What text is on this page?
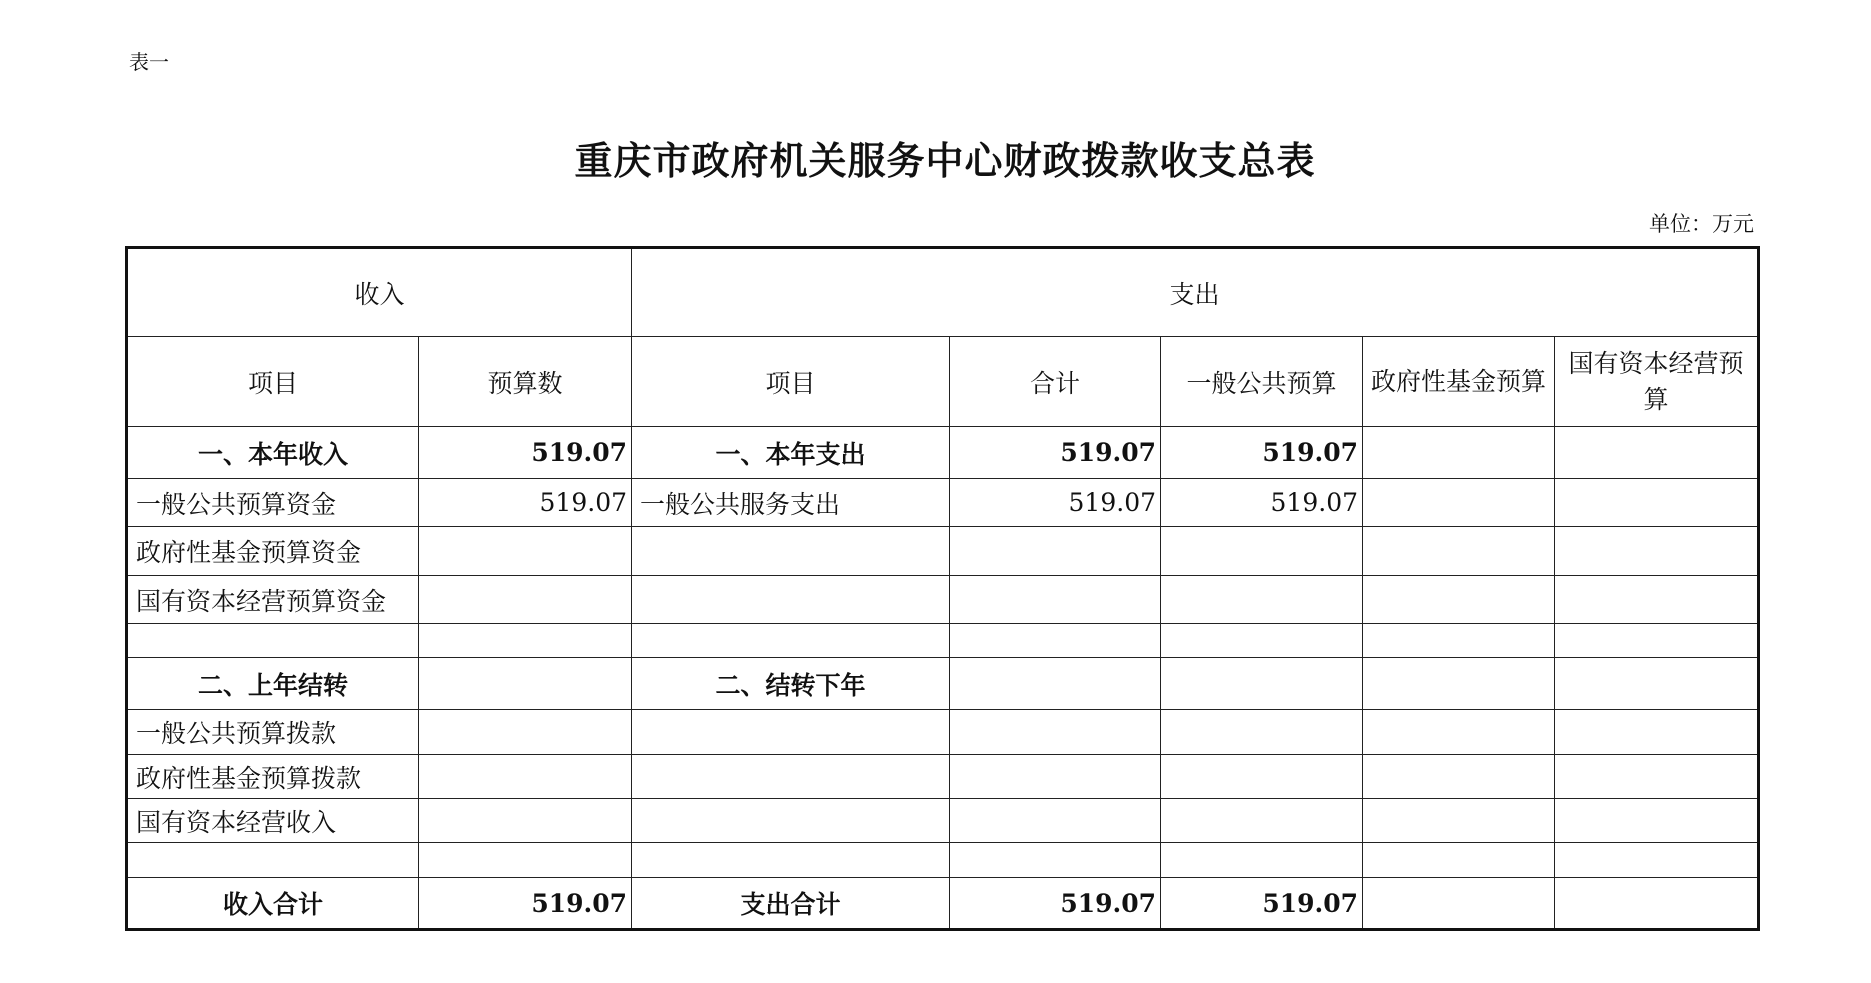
表一
重庆市政府机关服务中心财政拨款收支总表
单位：万元
收入		支出				
项目	预算数	项目	合计	一般公共预算	政府性基金预算	国有资本经营预算
一、本年收入	519.07	一、本年支出	519.07	519.07		
一般公共预算资金	519.07	一般公共服务支出	519.07	519.07		
政府性基金预算资金						
国有资本经营预算资金						

二、上年结转		二、结转下年				
一般公共预算拨款						
政府性基金预算拨款						
国有资本经营收入						

收入合计	519.07	支出合计	519.07	519.07		
